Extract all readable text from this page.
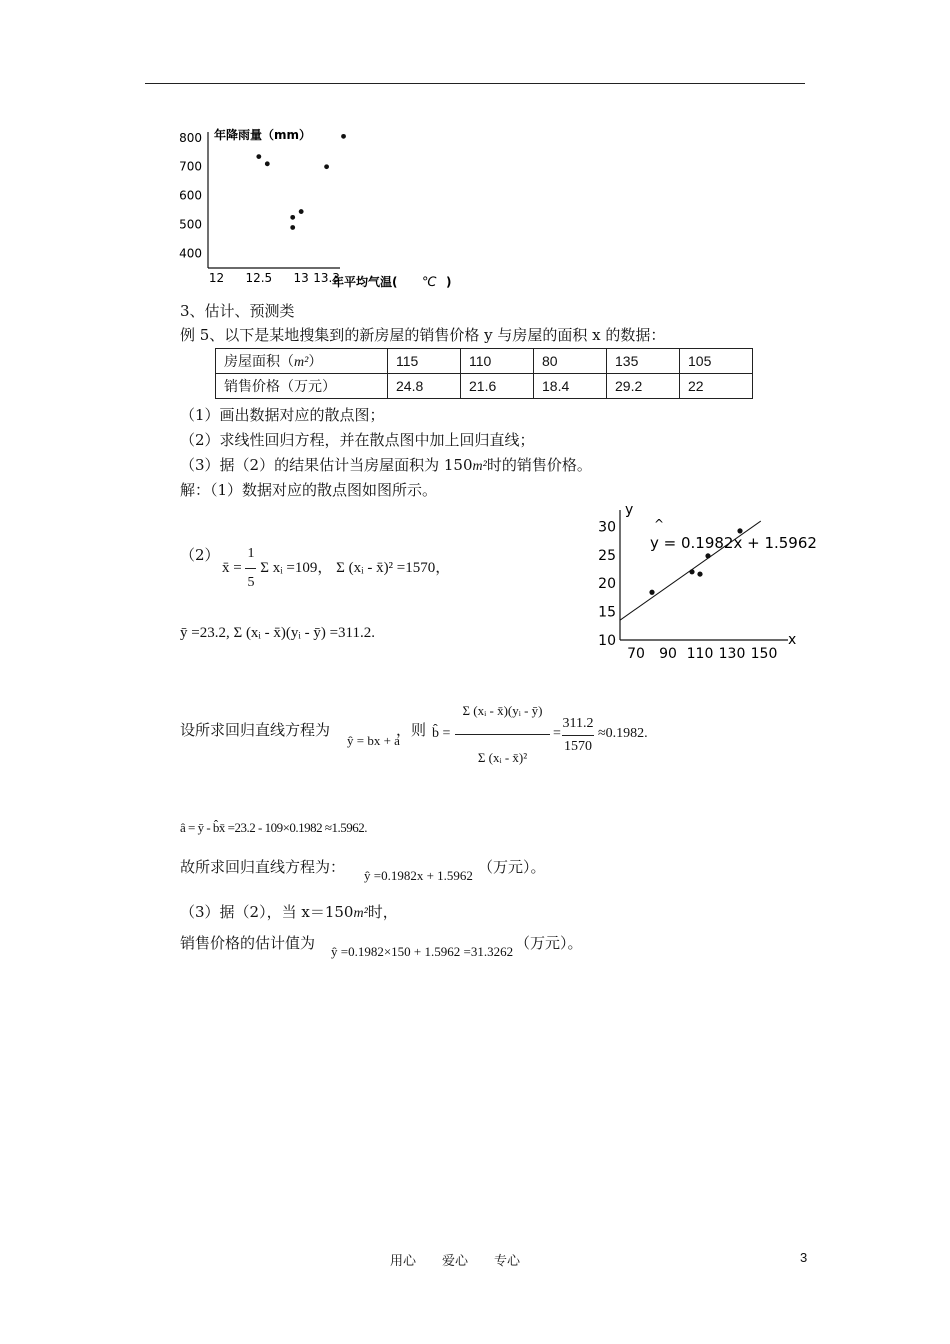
年降雨量（mm）
800
700
600
500
400
12 12.5 13 13.3
年平均气温( ℃ )
3、估计、预测类
例 5、以下是某地搜集到的新房屋的销售价格 y 与房屋的面积 x 的数据：
房屋面积（m²）	115	110	80	135	105
销售价格（万元）	24.8	21.6	18.4	29.2	22
（1）画出数据对应的散点图；
（2）求线性回归方程，并在散点图中加上回归直线；
（3）据（2）的结果估计当房屋面积为 150m²时的销售价格。
解：（1）数据对应的散点图如图所示。
（2）
x̄ = $\frac{1}{5}$ Σ xᵢ =109， Σ (xᵢ - x̄)² =1570，
ȳ =23.2, Σ (xᵢ - x̄)(yᵢ - ȳ) =311.2.
y
x
y = 0.1982x + 1.5962
^
30
25
20
15
10
70 90 110 130 150
设所求回归直线方程为
ŷ = bx + a
，则 b̂ = $\frac{\text{Σ (xᵢ - x̄)(yᵢ - ȳ)}}{\text{Σ (xᵢ - x̄)²}}$ =
311.2
1570
≈0.1982.
â = ȳ - b̂x̄ =23.2 - 109×0.1982 ≈1.5962.
故所求回归直线方程为： ŷ =0.1982x + 1.5962 （万元）。
（3）据（2），当 x＝150m²时，
销售价格的估计值为 ŷ =0.1982×150 + 1.5962 =31.3262 （万元）。
用心　　爱心　　专心	3
